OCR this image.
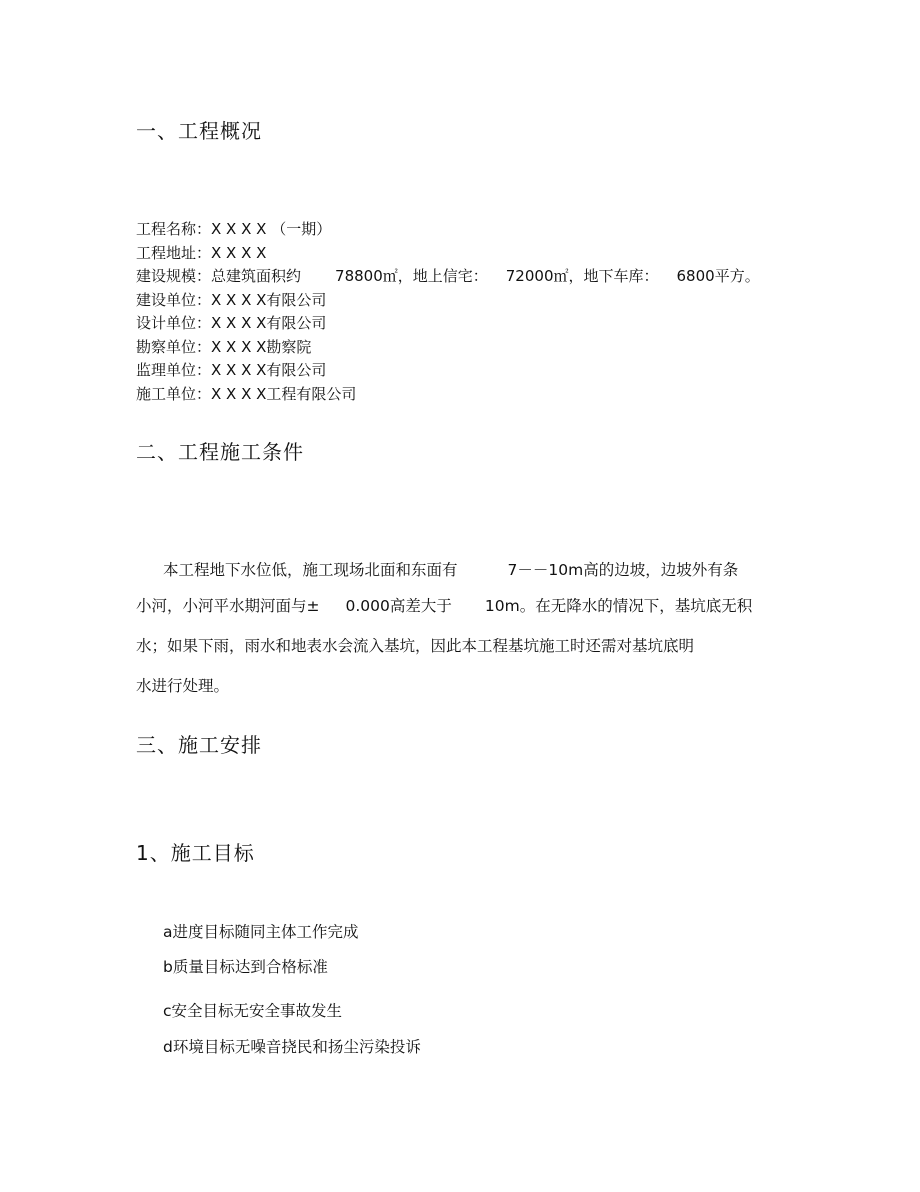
一、工程概况
工程名称：X X X X （一期）
工程地址：X X X X
建设规模：总建筑面积约 78800㎡，地上信宅： 72000㎡，地下车库： 6800平方。
建设单位：X X X X有限公司
设计单位：X X X X有限公司
勘察单位：X X X X勘察院
监理单位：X X X X有限公司
施工单位：X X X X工程有限公司
二、工程施工条件
本工程地下水位低，施工现场北面和东面有	7－－10m高的边坡，边坡外有条
小河，小河平水期河面与± 0.000高差大于 10m。在无降水的情况下，基坑底无积
水；如果下雨，雨水和地表水会流入基坑，因此本工程基坑施工时还需对基坑底明
水进行处理。
三、施工安排
1、施工目标
a进度目标随同主体工作完成
b质量目标达到合格标准
c安全目标无安全事故发生
d环境目标无噪音挠民和扬尘污染投诉
